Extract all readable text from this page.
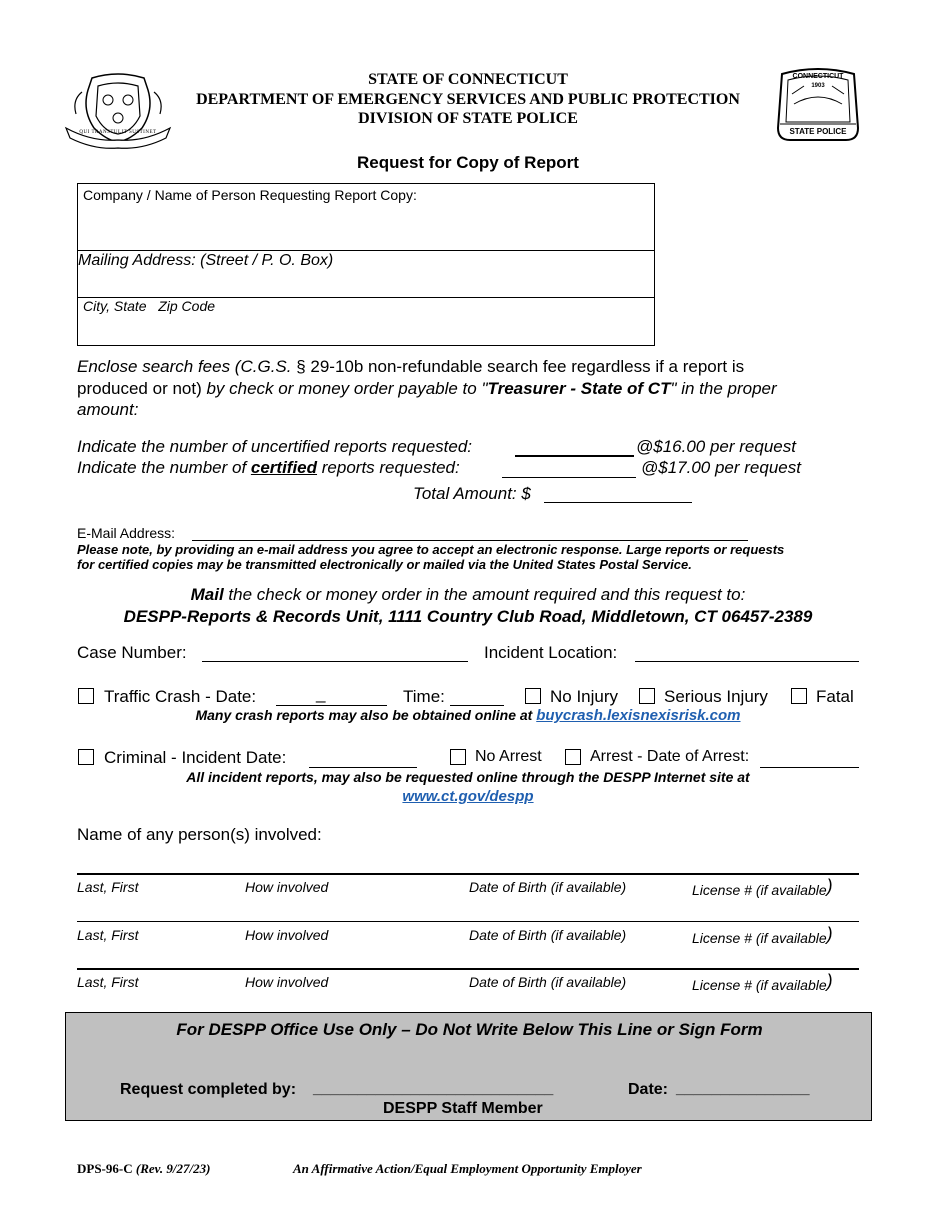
QUI TRANSTULIT SUSTINET
CONNECTICUT
1903
STATE POLICE
STATE OF CONNECTICUT
DEPARTMENT OF EMERGENCY SERVICES AND PUBLIC PROTECTION
DIVISION OF STATE POLICE
Request for Copy of Report
Company / Name of Person Requesting Report Copy:
Mailing Address: (Street / P. O. Box)
City, State   Zip Code
Enclose search fees (C.G.S. § 29-10b non-refundable search fee regardless if a report is
produced or not) by check or money order payable to "Treasurer - State of CT" in the proper
amount:
Indicate the number of uncertified reports requested:	@$16.00 per request
Indicate the number of certified reports requested:	@$17.00 per request
Total Amount: $
E-Mail Address:
Please note, by providing an e-mail address you agree to accept an electronic response. Large reports or requests
for certified copies may be transmitted electronically or mailed via the United States Postal Service.
Mail the check or money order in the amount required and this request to:
DESPP-Reports & Records Unit, 1111 Country Club Road, Middletown, CT 06457-2389
Case Number:	Incident Location:
Traffic Crash - Date:	_	Time:	No Injury	Serious Injury	Fatal
Many crash reports may also be obtained online at buycrash.lexisnexisrisk.com
Criminal - Incident Date:	No Arrest	Arrest - Date of Arrest:
All incident reports, may also be requested online through the DESPP Internet site at
www.ct.gov/despp
Name of any person(s) involved:
Last, First	How involved	Date of Birth (if available)	License # (if available)
Last, First	How involved	Date of Birth (if available)	License # (if available)
Last, First	How involved	Date of Birth (if available)	License # (if available)
For DESPP Office Use Only – Do Not Write Below This Line or Sign Form
Request completed by: ___________________________	Date: _______________
DESPP Staff Member
DPS-96-C (Rev. 9/27/23)	An Affirmative Action/Equal Employment Opportunity Employer
